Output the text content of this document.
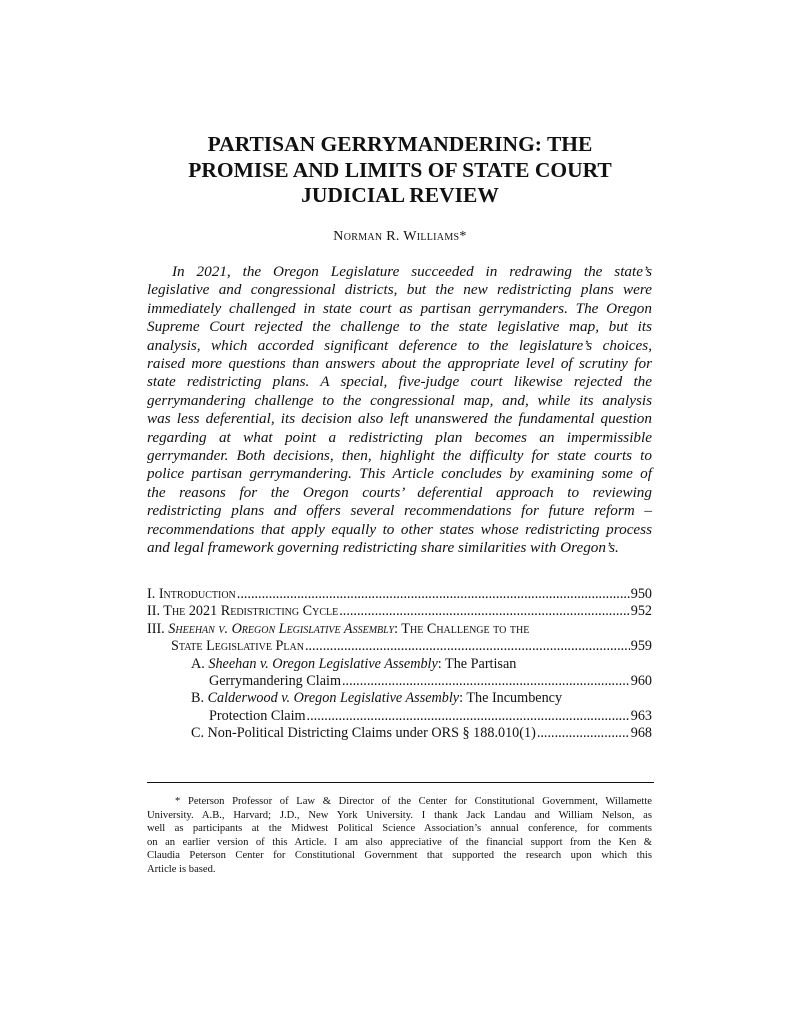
PARTISAN GERRYMANDERING: THE
PROMISE AND LIMITS OF STATE COURT
JUDICIAL REVIEW
Norman R. Williams*

In 2021, the Oregon Legislature succeeded in redrawing the state’s
legislative and congressional districts, but the new redistricting plans were
immediately challenged in state court as partisan gerrymanders. The Oregon
Supreme Court rejected the challenge to the state legislative map, but its
analysis, which accorded significant deference to the legislature’s choices,
raised more questions than answers about the appropriate level of scrutiny for
state redistricting plans. A special, five-judge court likewise rejected the
gerrymandering challenge to the congressional map, and, while its analysis
was less deferential, its decision also left unanswered the fundamental question
regarding at what point a redistricting plan becomes an impermissible
gerrymander. Both decisions, then, highlight the difficulty for state courts to
police partisan gerrymandering. This Article concludes by examining some of
the reasons for the Oregon courts’ deferential approach to reviewing
redistricting plans and offers several recommendations for future reform –
recommendations that apply equally to other states whose redistricting process
and legal framework governing redistricting share similarities with Oregon’s.

I. Introduction .....	950
II. The 2021 Redistricting Cycle .....	952
III. Sheehan v. Oregon Legislative Assembly: The Challenge to the
State Legislative Plan .....	959
A. Sheehan v. Oregon Legislative Assembly: The Partisan
Gerrymandering Claim .....	960
B. Calderwood v. Oregon Legislative Assembly: The Incumbency
Protection Claim .....	963
C. Non-Political Districting Claims under ORS § 188.010(1) .....	968

* Peterson Professor of Law & Director of the Center for Constitutional Government, Willamette
University. A.B., Harvard; J.D., New York University. I thank Jack Landau and William Nelson, as
well as participants at the Midwest Political Science Association’s annual conference, for comments
on an earlier version of this Article. I am also appreciative of the financial support from the Ken &
Claudia Peterson Center for Constitutional Government that supported the research upon which this
Article is based.
